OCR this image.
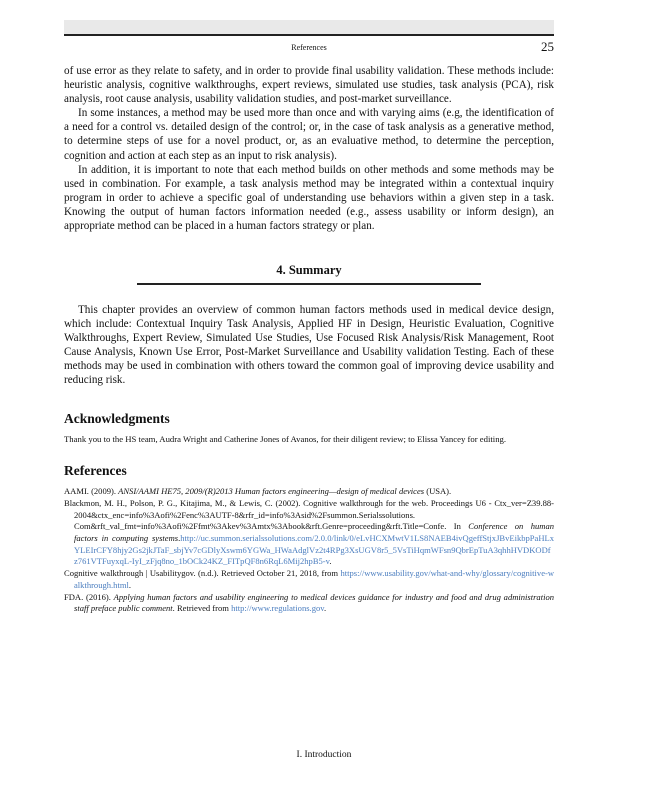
References	25

of use error as they relate to safety, and in order to provide final usability validation. These methods include: heuristic analysis, cognitive walkthroughs, expert reviews, simulated use studies, task analysis (PCA), risk analysis, root cause analysis, usability validation studies, and post-market surveillance.

In some instances, a method may be used more than once and with varying aims (e.g, the identification of a need for a control vs. detailed design of the control; or, in the case of task analysis as a generative method, to determine steps of use for a novel product, or, as an evaluative method, to determine the perception, cognition and action at each step as an input to risk analysis).

In addition, it is important to note that each method builds on other methods and some methods may be used in combination. For example, a task analysis method may be integrated within a contextual inquiry program in order to achieve a specific goal of understanding use behaviors within a given step in a task. Knowing the output of human factors information needed (e.g., assess usability or inform design), an appropriate method can be placed in a human factors strategy or plan.

4. Summary

This chapter provides an overview of common human factors methods used in medical device design, which include: Contextual Inquiry Task Analysis, Applied HF in Design, Heuristic Evaluation, Cognitive Walkthroughs, Expert Review, Simulated Use Studies, Use Focused Risk Analysis/Risk Management, Root Cause Analysis, Known Use Error, Post-Market Surveillance and Usability validation Testing. Each of these methods may be used in combination with others toward the common goal of improving device usability and reducing risk.

Acknowledgments

Thank you to the HS team, Audra Wright and Catherine Jones of Avanos, for their diligent review; to Elissa Yancey for editing.

References

AAMI. (2009). ANSI/AAMI HE75, 2009/(R)2013 Human factors engineering—design of medical devices (USA).

Blackmon, M. H., Polson, P. G., Kitajima, M., & Lewis, C. (2002). Cognitive walkthrough for the web. Proceedings U6 - Ctx_ver=Z39.88-2004&ctx_enc=info%3Aofi%2Fenc%3AUTF-8&rfr_id=info%3Asid%2Fsummon.Serialssolutions. Com&rft_val_fmt=info%3Aofi%2Ffmt%3Akev%3Amtx%3Abook&rft.Genre=proceeding&rft.Title=Confe. In Conference on human factors in computing systems.http://uc.summon.serialssolutions.com/2.0.0/link/0/eLvHCXMwtV1LS8NAEB4ivQgeffStjxJBvEikbpPaHLxYLEIrCFY8hjy2Gs2jkJTaF_sbjYv7cGDlyXswm6YGWa_HWaAdglVz2t4RPg3XsUGV8r5_5VsTiHqmWFsn9QbrEpTuA3qhhHVDKODfz761VTFuyxqL-IyI_zFjq8no_1bOCk24KZ_FITpQF8n6RqL6Mij2hpB5-v.

Cognitive walkthrough | Usabilitygov. (n.d.). Retrieved October 21, 2018, from https://www.usability.gov/what-and-why/glossary/cognitive-walkthrough.html.

FDA. (2016). Applying human factors and usability engineering to medical devices guidance for industry and food and drug administration staff preface public comment. Retrieved from http://www.regulations.gov.

I. Introduction
